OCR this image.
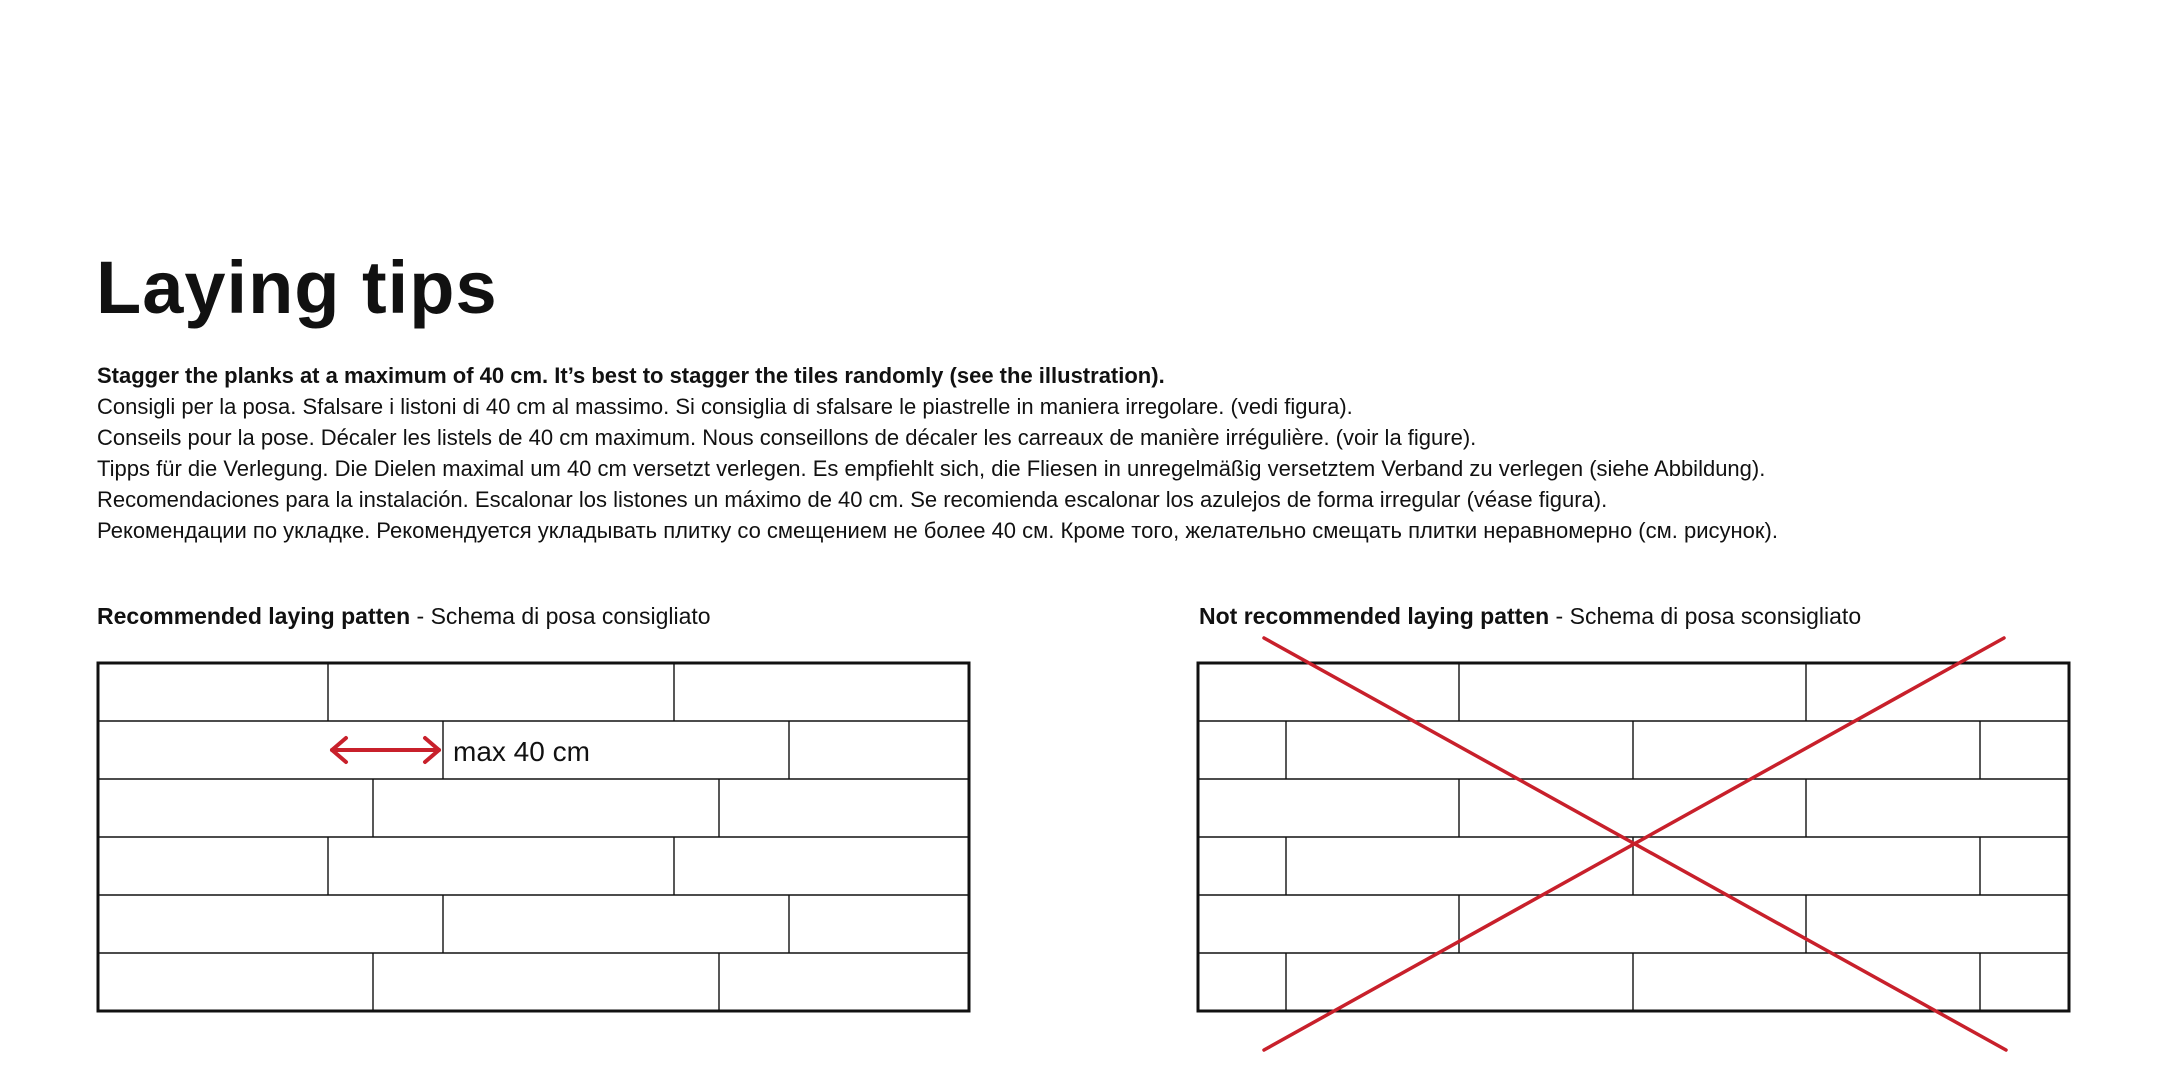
Laying tips
Stagger the planks at a maximum of 40 cm. It’s best to stagger the tiles randomly (see the illustration).
Consigli per la posa. Sfalsare i listoni di 40 cm al massimo. Si consiglia di sfalsare le piastrelle in maniera irregolare. (vedi figura).
Conseils pour la pose. Décaler les listels de 40 cm maximum. Nous conseillons de décaler les carreaux de manière irrégulière. (voir la figure).
Tipps für die Verlegung. Die Dielen maximal um 40 cm versetzt verlegen. Es empfiehlt sich, die Fliesen in unregelmäßig versetztem Verband zu verlegen (siehe Abbildung).
Recomendaciones para la instalación. Escalonar los listones un máximo de 40 cm. Se recomienda escalonar los azulejos de forma irregular (véase figura).
Рекомендации по укладке. Рекомендуется укладывать плитку со смещением не более 40 см. Кроме того, желательно смещать плитки неравномерно (см. рисунок).
Recommended laying patten - Schema di posa consigliato	Not recommended laying patten - Schema di posa sconsigliato
max 40 cm
